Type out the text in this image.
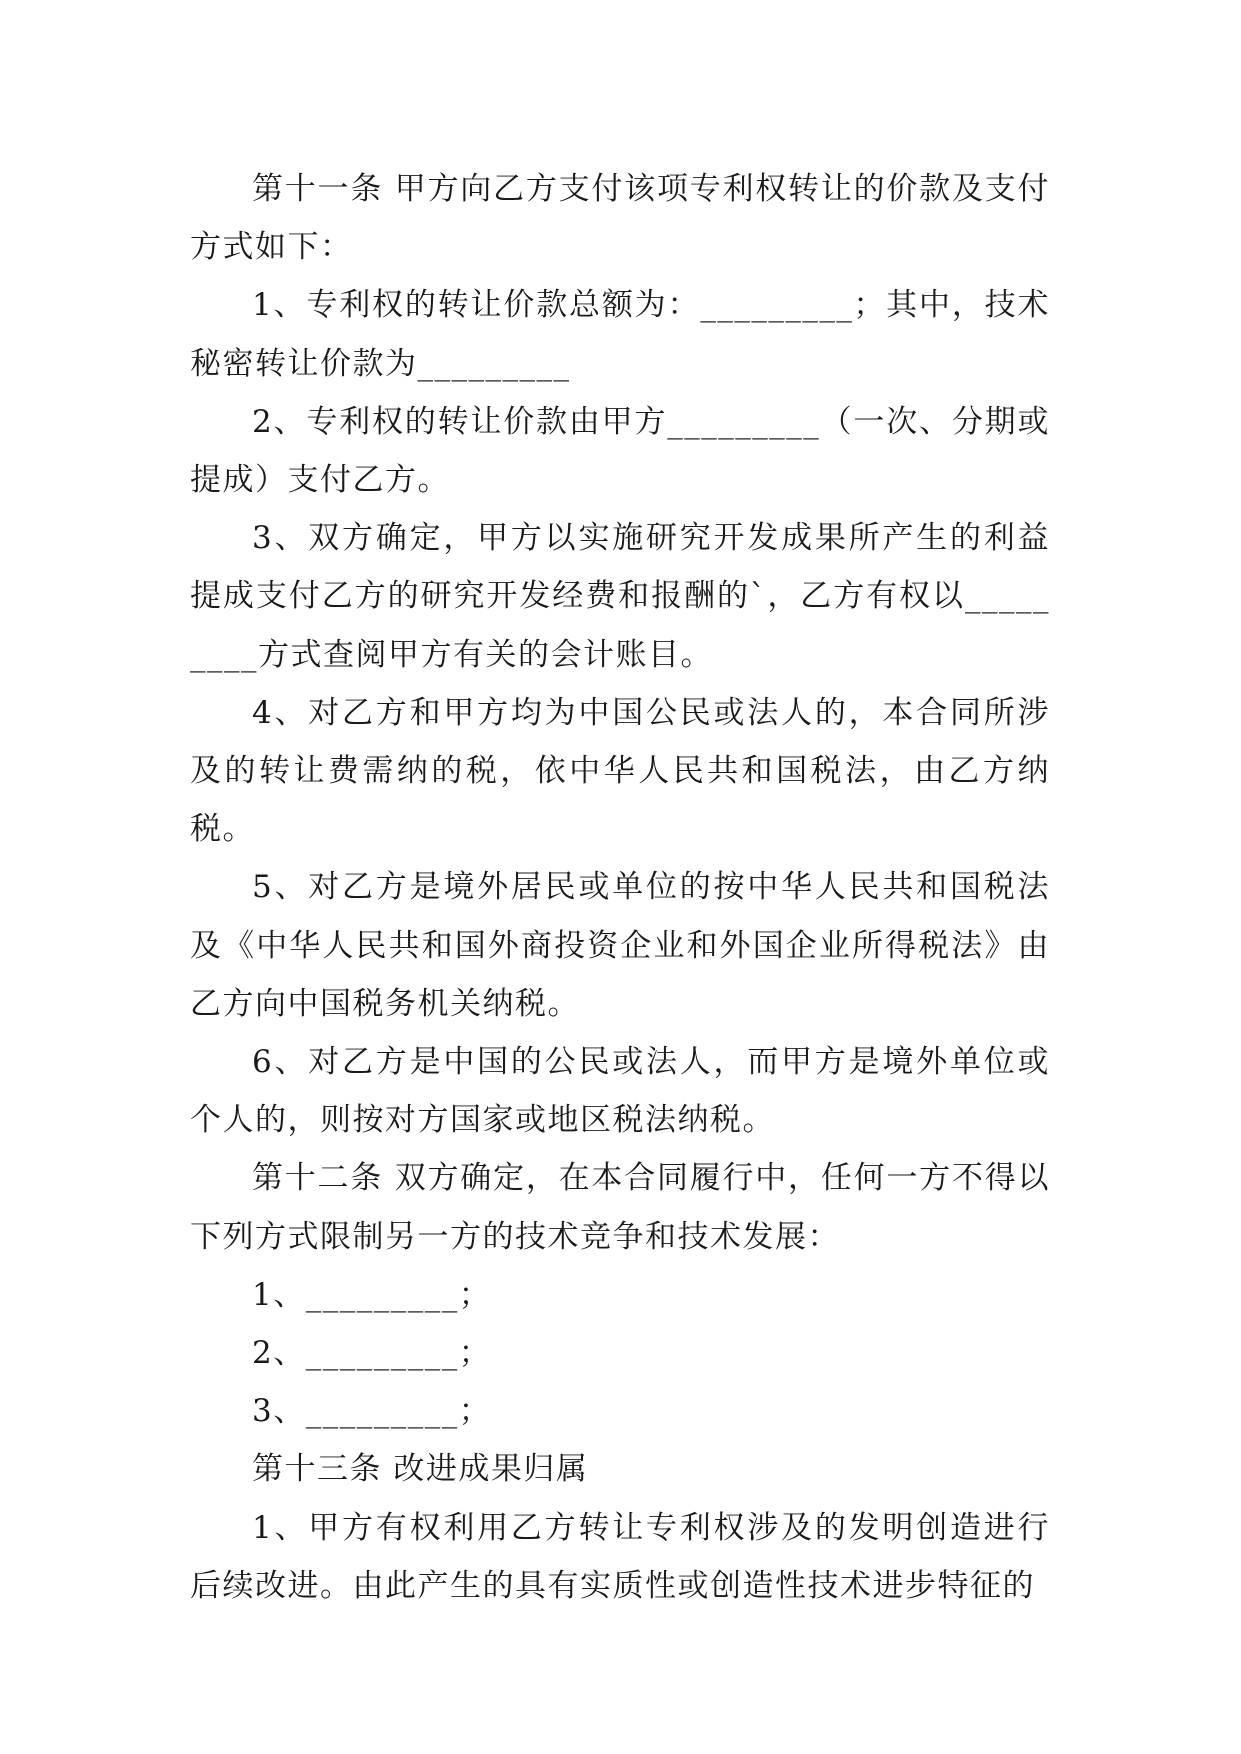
第十一条 甲方向乙方支付该项专利权转让的价款及支付方式如下：

1、专利权的转让价款总额为：_________；其中，技术秘密转让价款为_________

2、专利权的转让价款由甲方_________（一次、分期或提成）支付乙方。

3、双方确定，甲方以实施研究开发成果所产生的利益提成支付乙方的研究开发经费和报酬的`，乙方有权以_________方式查阅甲方有关的会计账目。

4、对乙方和甲方均为中国公民或法人的，本合同所涉及的转让费需纳的税，依中华人民共和国税法，由乙方纳税。

5、对乙方是境外居民或单位的按中华人民共和国税法及《中华人民共和国外商投资企业和外国企业所得税法》由乙方向中国税务机关纳税。

6、对乙方是中国的公民或法人，而甲方是境外单位或个人的，则按对方国家或地区税法纳税。

第十二条 双方确定，在本合同履行中，任何一方不得以下列方式限制另一方的技术竞争和技术发展：

1、_________；

2、_________；

3、_________；

第十三条 改进成果归属

1、甲方有权利用乙方转让专利权涉及的发明创造进行后续改进。由此产生的具有实质性或创造性技术进步特征的
